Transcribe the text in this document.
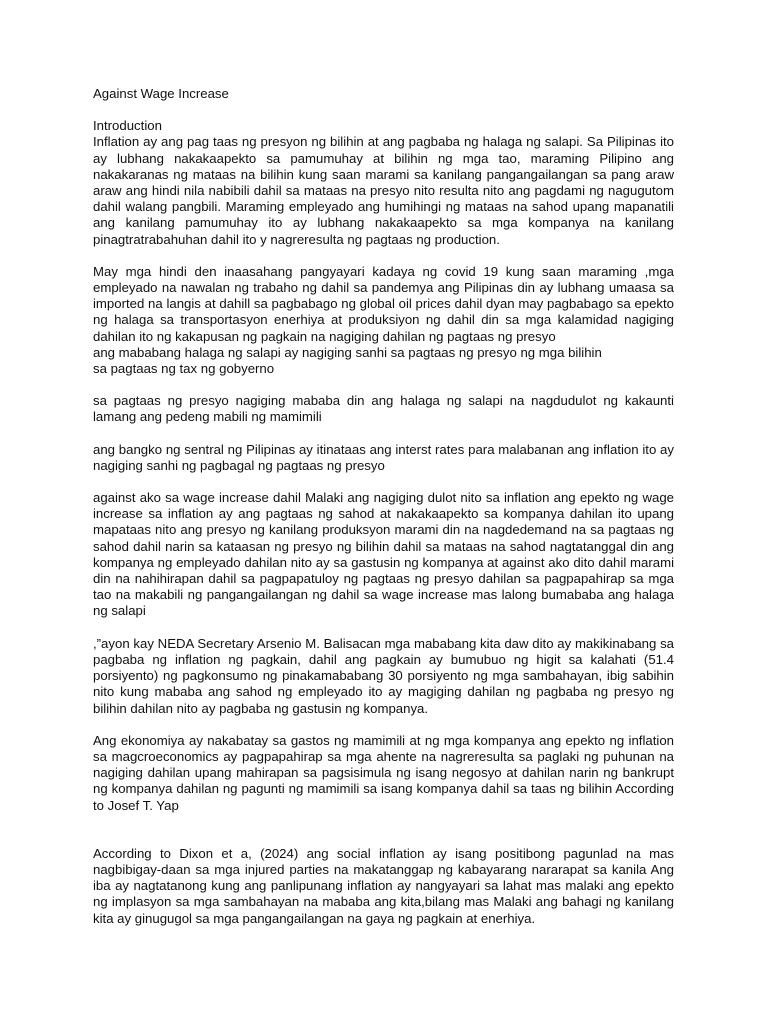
Against Wage Increase
Introduction

Inflation ay ang pag taas ng presyon ng bilihin at ang pagbaba ng halaga ng salapi. Sa Pilipinas ito ay lubhang nakakaapekto sa pamumuhay at bilihin ng mga tao, maraming Pilipino ang nakakaranas ng mataas na bilihin kung saan marami sa kanilang pangangailangan sa pang araw araw ang hindi nila nabibili dahil sa mataas na presyo nito resulta nito ang pagdami ng nagugutom dahil walang pangbili. Maraming empleyado ang humihingi ng mataas na sahod upang mapanatili ang kanilang pamumuhay ito ay lubhang nakakaapekto sa mga kompanya na kanilang pinagtratrabahuhan dahil ito y nagreresulta ng pagtaas ng production.

May mga hindi den inaasahang pangyayari kadaya ng covid 19 kung saan maraming ,mga empleyado na nawalan ng trabaho ng dahil sa pandemya ang Pilipinas din ay lubhang umaasa sa imported na langis at dahill sa pagbabago ng global oil prices dahil dyan may pagbabago sa epekto ng halaga sa transportasyon enerhiya at produksiyon ng dahil din sa mga kalamidad nagiging dahilan ito ng kakapusan ng pagkain na nagiging dahilan ng pagtaas ng presyo

ang mababang halaga ng salapi ay nagiging sanhi sa pagtaas ng presyo ng mga bilihin
sa pagtaas ng tax ng gobyerno

sa pagtaas ng presyo nagiging mababa din ang halaga ng salapi na nagdudulot ng kakaunti lamang ang pedeng mabili ng mamimili

ang bangko ng sentral ng Pilipinas ay itinataas ang interst rates para malabanan ang inflation ito ay nagiging sanhi ng pagbagal ng pagtaas ng presyo

against ako sa wage increase dahil Malaki ang nagiging dulot nito sa inflation ang epekto ng wage increase sa inflation ay ang pagtaas ng sahod at nakakaapekto sa kompanya dahilan ito upang mapataas nito ang presyo ng kanilang produksyon marami din na nagdedemand na sa pagtaas ng sahod dahil narin sa kataasan ng presyo ng bilihin dahil sa mataas na sahod nagtatanggal din ang kompanya ng empleyado dahilan nito ay sa gastusin ng kompanya at against ako dito dahil marami din na nahihirapan dahil sa pagpapatuloy ng pagtaas ng presyo dahilan sa pagpapahirap sa mga tao na makabili ng pangangailangan ng dahil sa wage increase mas lalong bumababa ang halaga ng salapi

,”ayon kay NEDA Secretary Arsenio M. Balisacan mga mababang kita daw dito ay makikinabang sa pagbaba ng inflation ng pagkain, dahil ang pagkain ay bumubuo ng higit sa kalahati (51.4 porsiyento) ng pagkonsumo ng pinakamababang 30 porsiyento ng mga sambahayan, ibig sabihin nito kung mababa ang sahod ng empleyado ito ay magiging dahilan ng pagbaba ng presyo ng bilihin dahilan nito ay pagbaba ng gastusin ng kompanya.

Ang ekonomiya ay nakabatay sa gastos ng mamimili at ng mga kompanya ang epekto ng inflation sa magcroeconomics ay pagpapahirap sa mga ahente na nagreresulta sa paglaki ng puhunan na nagiging dahilan upang mahirapan sa pagsisimula ng isang negosyo at dahilan narin ng bankrupt ng kompanya dahilan ng pagunti ng mamimili sa isang kompanya dahil sa taas ng bilihin According to Josef T. Yap

According to Dixon et a, (2024) ang social inflation ay isang positibong pagunlad na mas nagbibigay-daan sa mga injured parties na makatanggap ng kabayarang nararapat sa kanila Ang iba ay nagtatanong kung ang panlipunang inflation ay nangyayari sa lahat mas malaki ang epekto ng implasyon sa mga sambahayan na mababa ang kita,bilang mas Malaki ang bahagi ng kanilang kita ay ginugugol sa mga pangangailangan na gaya ng pagkain at enerhiya.
